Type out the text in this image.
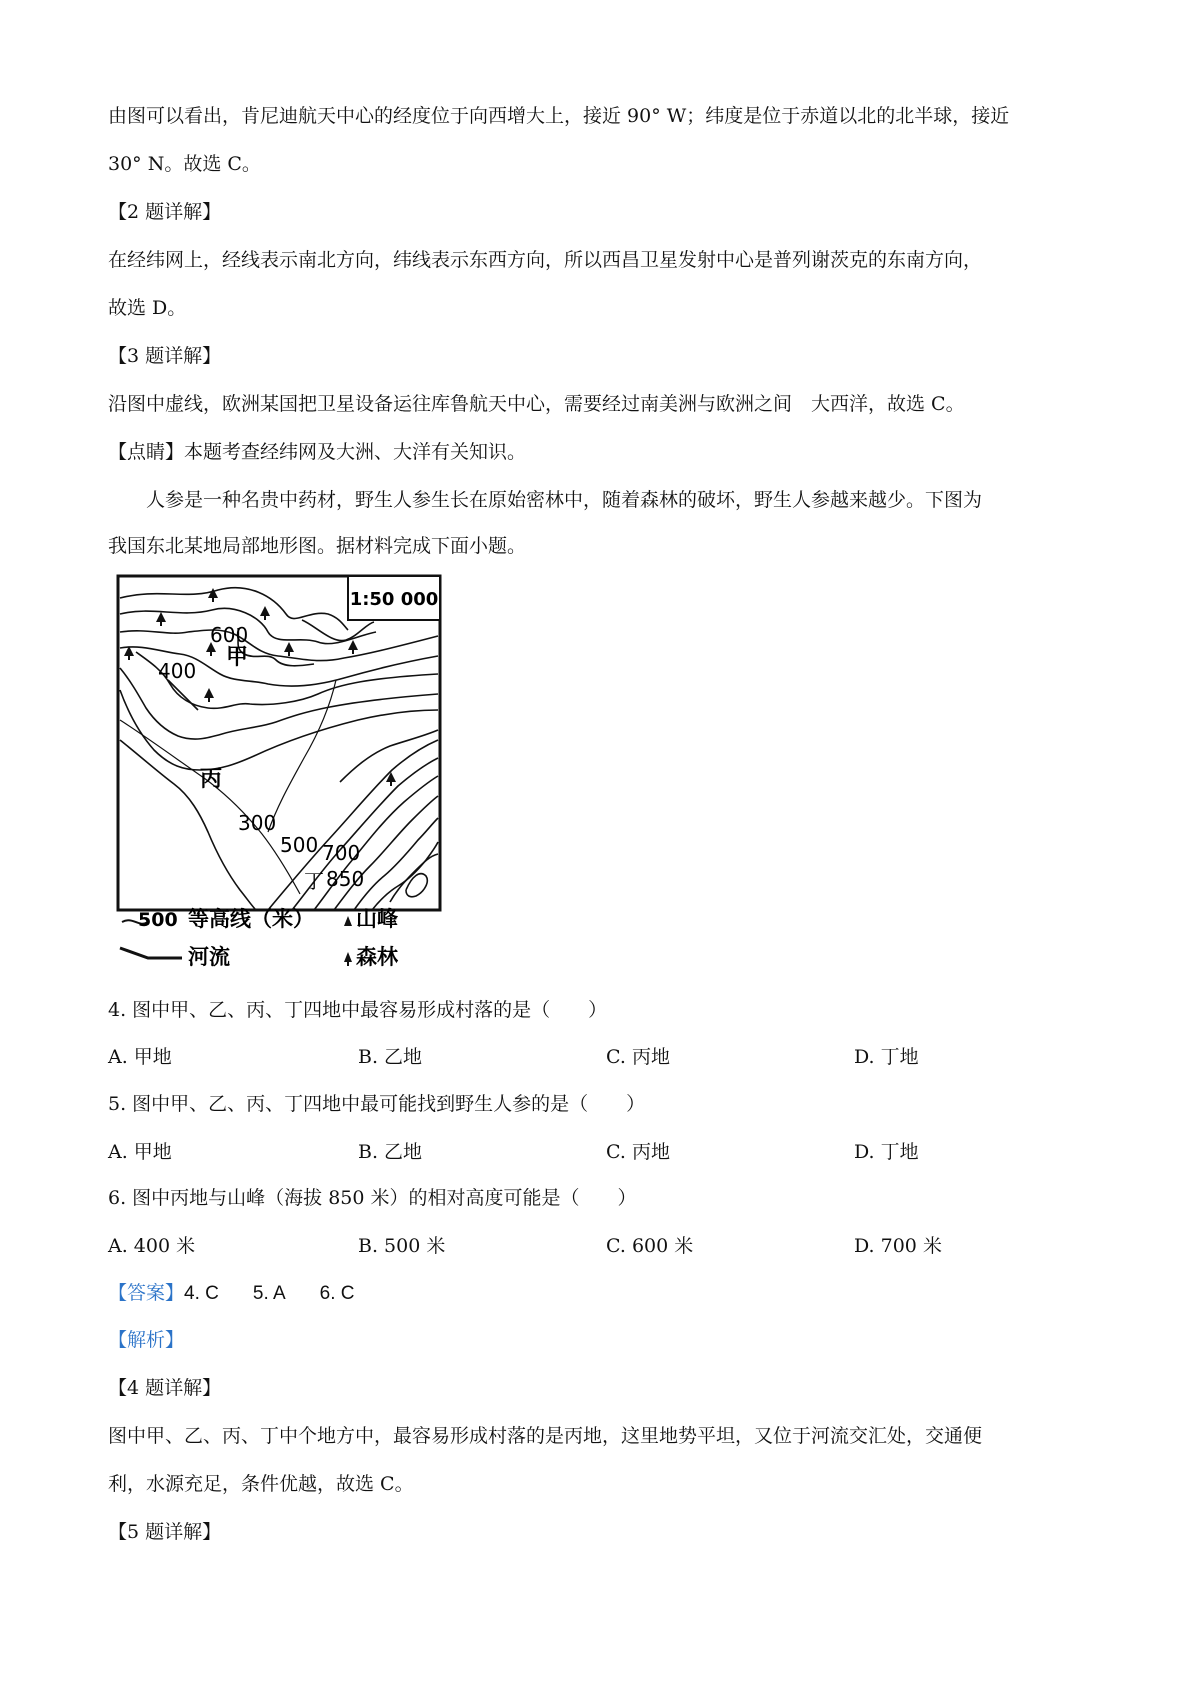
由图可以看出，肯尼迪航天中心的经度位于向西增大上，接近 90° W；纬度是位于赤道以北的北半球，接近
30° N。故选 C。
【2 题详解】
在经纬网上，经线表示南北方向，纬线表示东西方向，所以西昌卫星发射中心是普列谢茨克的东南方向，
故选 D。
【3 题详解】
沿图中虚线，欧洲某国把卫星设备运往库鲁航天中心，需要经过南美洲与欧洲之间　大西洋，故选 C。
【点睛】本题考查经纬网及大洲、大洋有关知识。
人参是一种名贵中药材，野生人参生长在原始密林中，随着森林的破坏，野生人参越来越少。下图为
我国东北某地局部地形图。据材料完成下面小题。
1:50 000
600
400
300
500 700
850
甲
丙
丁
500 等高线（米） 山峰
河流	森林
4. 图中甲、乙、丙、丁四地中最容易形成村落的是（　　）
A. 甲地	B. 乙地	C. 丙地	D. 丁地
5. 图中甲、乙、丙、丁四地中最可能找到野生人参的是（　　）
A. 甲地	B. 乙地	C. 丙地	D. 丁地
6. 图中丙地与山峰（海拔 850 米）的相对高度可能是（　　）
A. 400 米	B. 500 米	C. 600 米	D. 700 米
【答案】4. C 5. A 6. C
【解析】
【4 题详解】
图中甲、乙、丙、丁中个地方中，最容易形成村落的是丙地，这里地势平坦，又位于河流交汇处，交通便
利，水源充足，条件优越，故选 C。
【5 题详解】
